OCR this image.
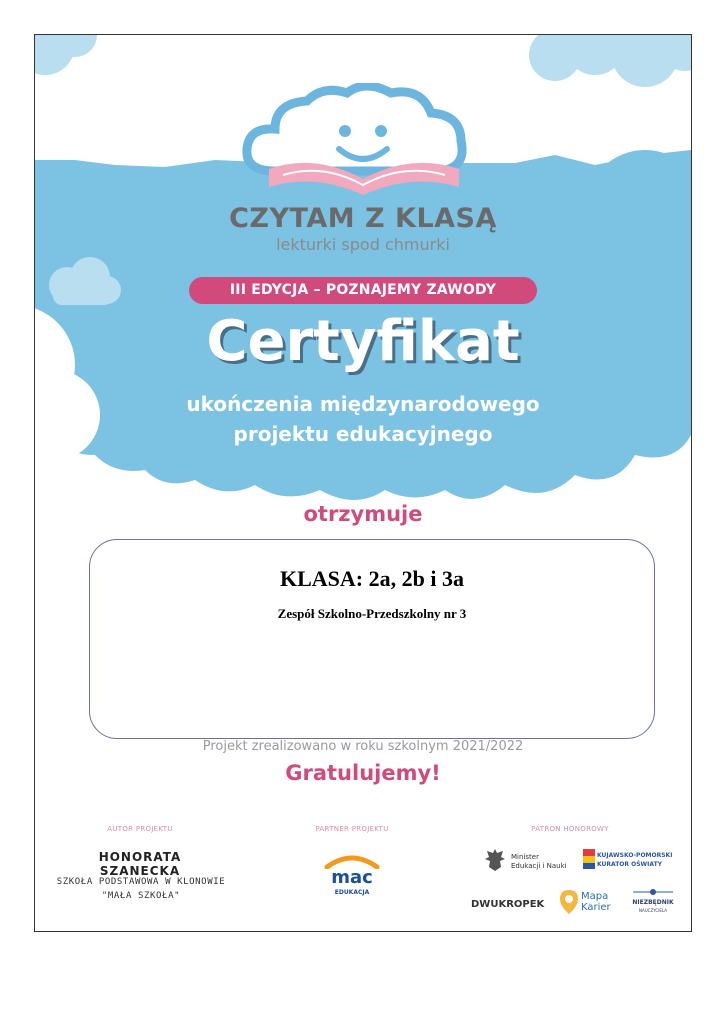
CZYTAM Z KLASĄ
lekturki spod chmurki
III EDYCJA – POZNAJEMY ZAWODY
Certyfikat
ukończenia międzynarodowego
projektu edukacyjnego
otrzymuje
KLASA: 2a, 2b i 3a
Zespół Szkolno-Przedszkolny nr 3
Projekt zrealizowano w roku szkolnym 2021/2022
Gratulujemy!
AUTOR PROJEKTU	PARTNER PROJEKTU	PATRON HONOROWY
HONORATA SZANECKA
SZKOŁA PODSTAWOWA W KLONOWIE
"MAŁA SZKOŁA"
mac
EDUKACJA
Minister
Edukacji i Nauki
KUJAWSKO-POMORSKI
KURATOR OŚWIATY
DWUKROPEK
Mapa
Karier	NIEZBĘDNIK
NAUCZYCIELA
